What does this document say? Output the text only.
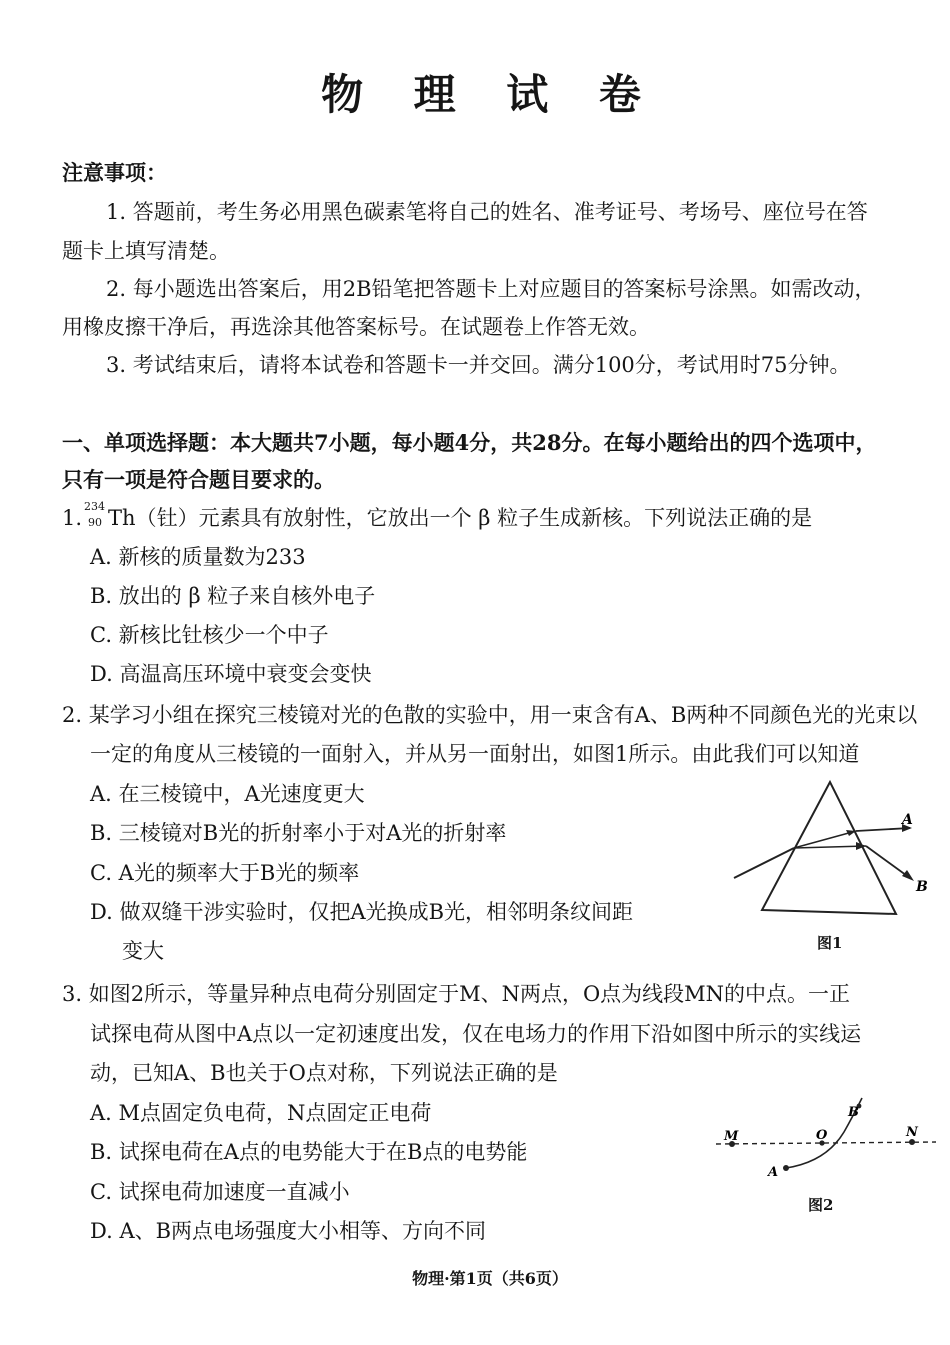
物 理 试 卷
注意事项：
1. 答题前，考生务必用黑色碳素笔将自己的姓名、准考证号、考场号、座位号在答
题卡上填写清楚。
2. 每小题选出答案后，用2B铅笔把答题卡上对应题目的答案标号涂黑。如需改动，
用橡皮擦干净后，再选涂其他答案标号。在试题卷上作答无效。
3. 考试结束后，请将本试卷和答题卡一并交回。满分100分，考试用时75分钟。
一、单项选择题：本大题共7小题，每小题4分，共28分。在每小题给出的四个选项中，
只有一项是符合题目要求的。
1. 234
90 Th（钍）元素具有放射性，它放出一个 β 粒子生成新核。下列说法正确的是
A. 新核的质量数为233
B. 放出的 β 粒子来自核外电子
C. 新核比钍核少一个中子
D. 高温高压环境中衰变会变快
2. 某学习小组在探究三棱镜对光的色散的实验中，用一束含有A、B两种不同颜色光的光束以
一定的角度从三棱镜的一面射入，并从另一面射出，如图1所示。由此我们可以知道
A. 在三棱镜中，A光速度更大
B. 三棱镜对B光的折射率小于对A光的折射率
C. A光的频率大于B光的频率
D. 做双缝干涉实验时，仅把A光换成B光，相邻明条纹间距
变大
A
B
图1
3. 如图2所示，等量异种点电荷分别固定于M、N两点，O点为线段MN的中点。一正
试探电荷从图中A点以一定初速度出发，仅在电场力的作用下沿如图中所示的实线运
动，已知A、B也关于O点对称，下列说法正确的是
A. M点固定负电荷，N点固定正电荷
B. 试探电荷在A点的电势能大于在B点的电势能
C. 试探电荷加速度一直减小
D. A、B两点电场强度大小相等、方向不同
M	O	N
A
B
图2
物理·第1页（共6页）
